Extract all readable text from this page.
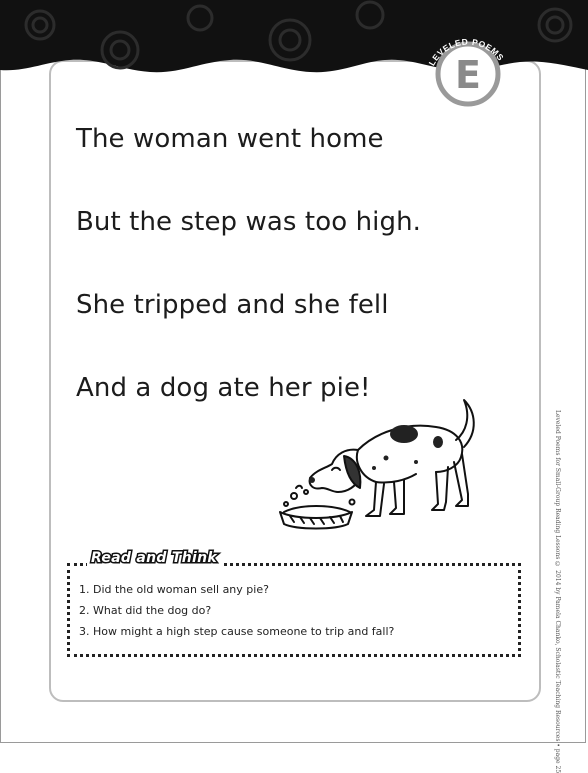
LEVELED POEMS
E
The woman went home
But the step was too high.
She tripped and she fell
And a dog ate her pie!
Read and Think
1. Did the old woman sell any pie?
2. What did the dog do?
3. How might a high step cause someone to trip and fall?	Leveled Poems for Small-Group Reading Lessons © 2014 by Pamela Chanko, Scholastic Teaching Resources • page 25
